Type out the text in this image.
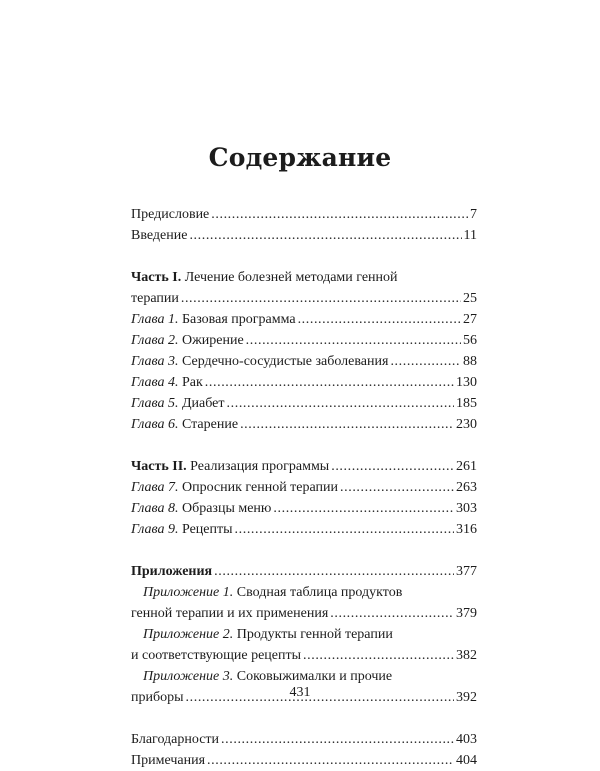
Содержание
Предисловие .....	7
Введение .....	11
Часть I. Лечение болезней методами генной
терапии .....	25
Глава 1. Базовая программа .....	27
Глава 2. Ожирение .....	56
Глава 3. Сердечно-сосудистые заболевания .....	88
Глава 4. Рак .....	130
Глава 5. Диабет .....	185
Глава 6. Старение .....	230
Часть II. Реализация программы .....	261
Глава 7. Опросник генной терапии .....	263
Глава 8. Образцы меню .....	303
Глава 9. Рецепты .....	316
Приложения .....	377
Приложение 1. Сводная таблица продуктов
генной терапии и их применения .....	379
Приложение 2. Продукты генной терапии
и соответствующие рецепты .....	382
Приложение 3. Соковыжималки и прочие
приборы .....	392
Благодарности .....	403
Примечания .....	404
431
